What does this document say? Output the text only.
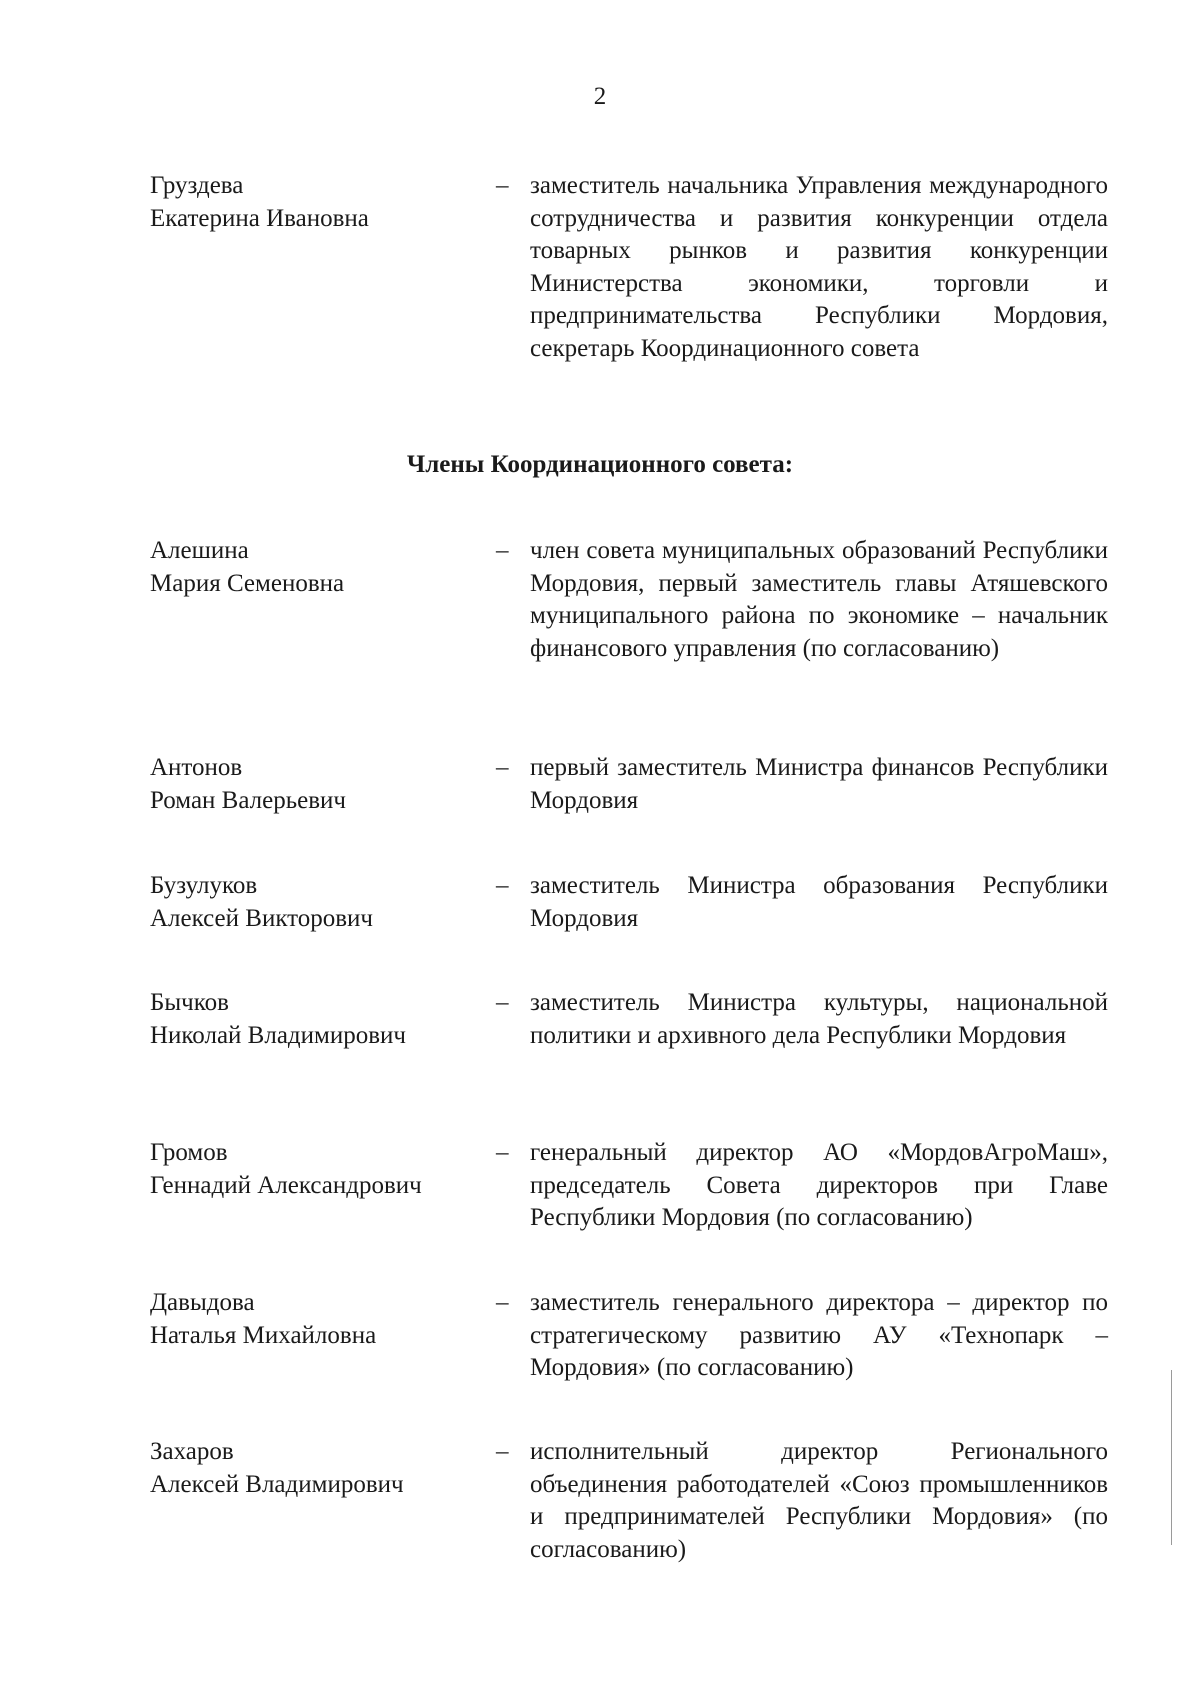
2
Груздева
Екатерина Ивановна
– заместитель начальника Управления международного сотрудничества и развития конкуренции отдела товарных рынков и развития конкуренции Министерства экономики, торговли и предпринимательства Республики Мордовия, секретарь Координационного совета
Члены Координационного совета:
Алешина
Мария Семеновна
– член совета муниципальных образований Республики Мордовия, первый заместитель главы Атяшевского муниципального района по экономике – начальник финансового управления (по согласованию)
Антонов
Роман Валерьевич
– первый заместитель Министра финансов Республики Мордовия
Бузулуков
Алексей Викторович
– заместитель Министра образования Республики Мордовия
Бычков
Николай Владимирович
– заместитель Министра культуры, национальной политики и архивного дела Республики Мордовия
Громов
Геннадий Александрович
– генеральный директор АО «МордовАгроМаш», председатель Совета директоров при Главе Республики Мордовия (по согласованию)
Давыдова
Наталья Михайловна
– заместитель генерального директора – директор по стратегическому развитию АУ «Технопарк – Мордовия» (по согласованию)
Захаров
Алексей Владимирович
– исполнительный директор Регионального объединения работодателей «Союз промышленников и предпринимателей Республики Мордовия» (по согласованию)
